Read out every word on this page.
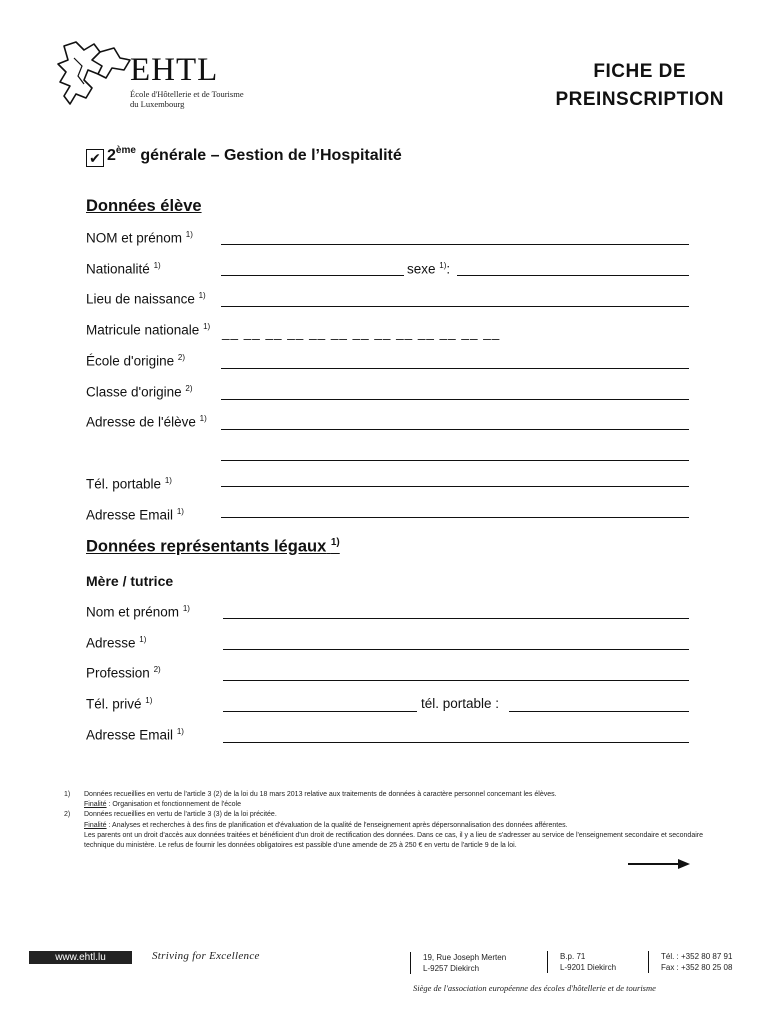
EHTL
École d'Hôtellerie et de Tourisme
du Luxembourg
FICHE DE
PREINSCRIPTION
✔ 2ème générale – Gestion de l’Hospitalité
Données élève
NOM et prénom $^{1)}$
Nationalité $^{1)}$	sexe $^{1)}$:
Lieu de naissance $^{1)}$
Matricule nationale $^{1)}$ __ __ __ __ __ __ __ __ __ __ __ __ __
École d'origine $^{2)}$
Classe d'origine $^{2)}$
Adresse de l'élève $^{1)}$
Tél. portable $^{1)}$
Adresse Email $^{1)}$
Données représentants légaux $^{1)}$
Mère / tutrice
Nom et prénom $^{1)}$
Adresse $^{1)}$
Profession $^{2)}$
Tél. privé $^{1)}$	tél. portable :
Adresse Email $^{1)}$
1)	Données recueillies en vertu de l'article 3 (2) de la loi du 18 mars 2013 relative aux traitements de données à caractère personnel concernant les élèves.
Finalité : Organisation et fonctionnement de l'école
2)	Données recueillies en vertu de l'article 3 (3) de la loi précitée.
Finalité : Analyses et recherches à des fins de planification et d'évaluation de la qualité de l'enseignement après dépersonnalisation des données afférentes.
Les parents ont un droit d'accès aux données traitées et bénéficient d'un droit de rectification des données. Dans ce cas, il y a lieu de s'adresser au service de l'enseignement secondaire et secondaire technique du ministère. Le refus de fournir les données obligatoires est passible d'une amende de 25 à 250 € en vertu de l'article 9 de la loi.
www.ehtl.lu	Striving for Excellence	19, Rue Joseph Merten
L-9257 Diekirch
B.p. 71
L-9201 Diekirch
Tél. : +352 80 87 91
Fax : +352 80 25 08
Siège de l'association européenne des écoles d'hôtellerie et de tourisme
